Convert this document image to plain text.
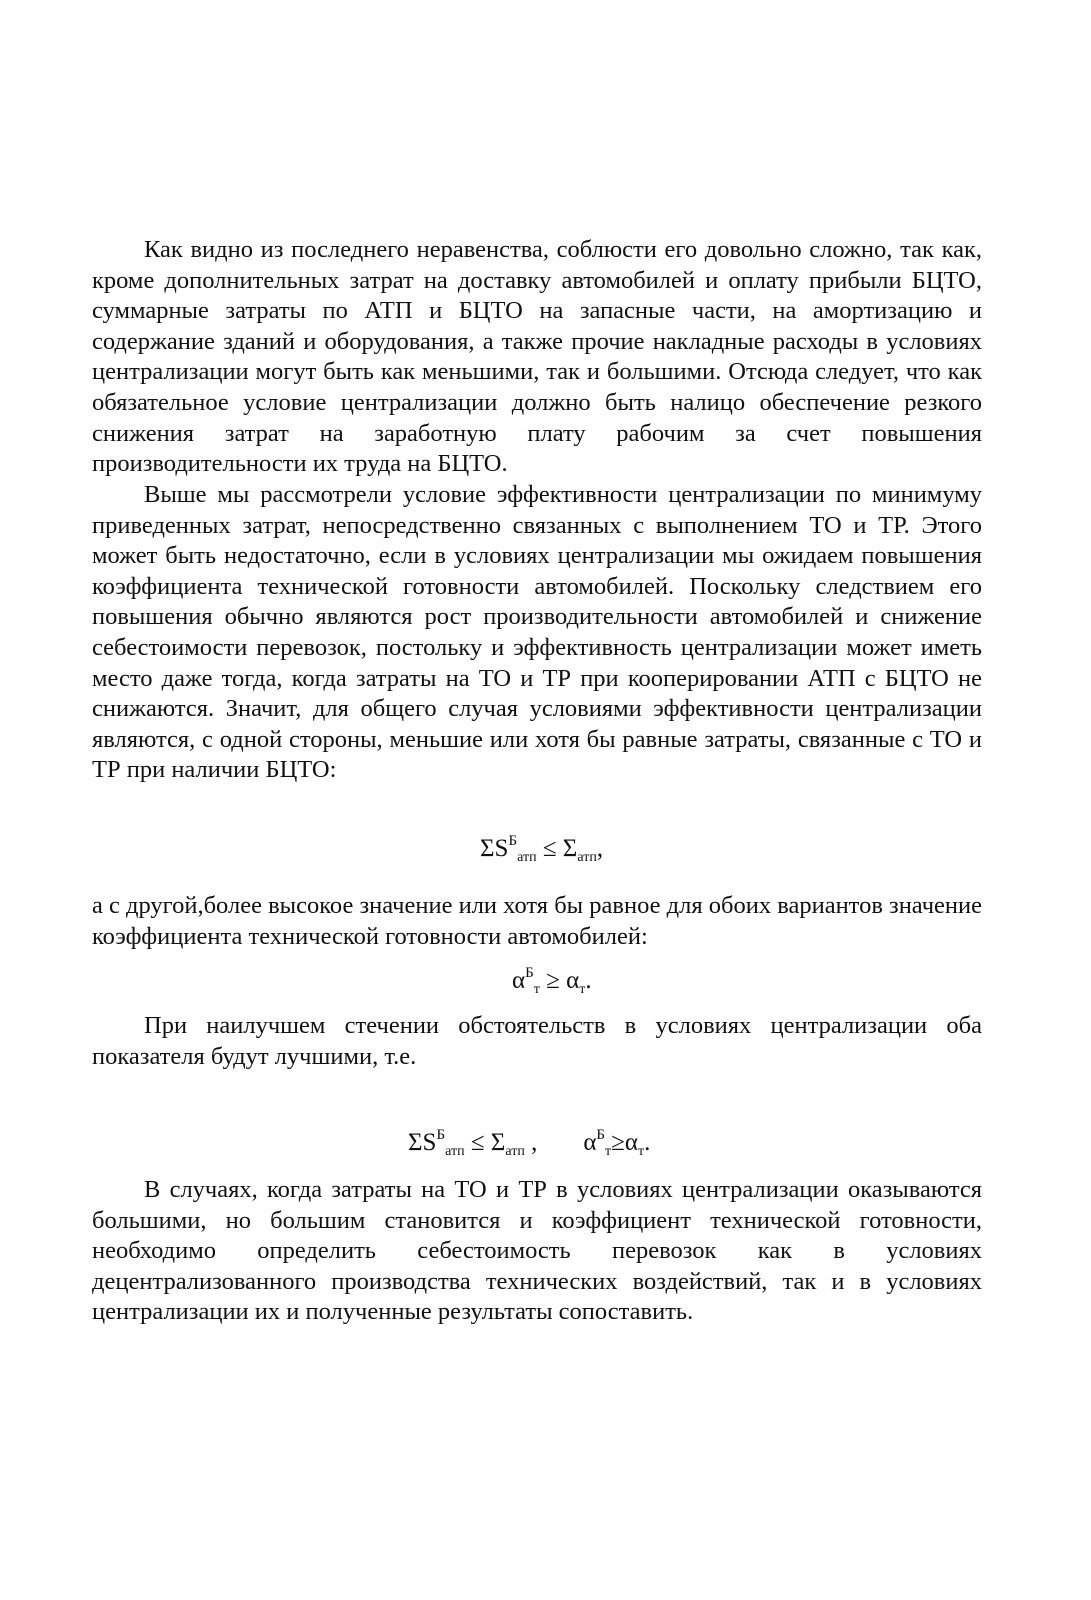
Как видно из последнего неравенства, соблюсти его довольно сложно, так как, кроме дополнительных затрат на доставку автомобилей и оплату прибыли БЦТО, суммарные затраты по АТП и БЦТО на запасные части, на амортизацию и содержание зданий и оборудования, а также прочие накладные расходы в условиях централизации могут быть как меньшими, так и большими. Отсюда следует, что как обязательное условие централизации должно быть налицо обеспечение резкого снижения затрат на заработную плату рабочим за счет повышения производительности их труда на БЦТО.

Выше мы рассмотрели условие эффективности централизации по минимуму приведенных затрат, непосредственно связанных с выполнением ТО и ТР. Этого может быть недостаточно, если в условиях централизации мы ожидаем повышения коэффициента технической готовности автомобилей. Поскольку следствием его повышения обычно являются рост производительности автомобилей и снижение себестоимости перевозок, постольку и эффективность централизации может иметь место даже тогда, когда затраты на ТО и ТР при кооперировании АТП с БЦТО не снижаются. Значит, для общего случая условиями эффективности централизации являются, с одной стороны, меньшие или хотя бы равные затраты, связанные с ТО и ТР при наличии БЦТО:

$\Sigma S^Б_{атп} \le \Sigma_{атп}$,

а с другой,более высокое значение или хотя бы равное для обоих вариантов значение коэффициента технической готовности автомобилей:

$\alpha^Б_т \ge \alpha_т$.

При наилучшем стечении обстоятельств в условиях централизации оба показателя будут лучшими, т.е.

$\Sigma S^Б_{атп} \le \Sigma_{атп}$ , $\alpha^Б_т\ge\alpha_т$.

В случаях, когда затраты на ТО и ТР в условиях централизации оказываются большими, но большим становится и коэффициент технической готовности, необходимо определить себестоимость перевозок как в условиях децентрализованного производства технических воздействий, так и в условиях централизации их и полученные результаты сопоставить.
